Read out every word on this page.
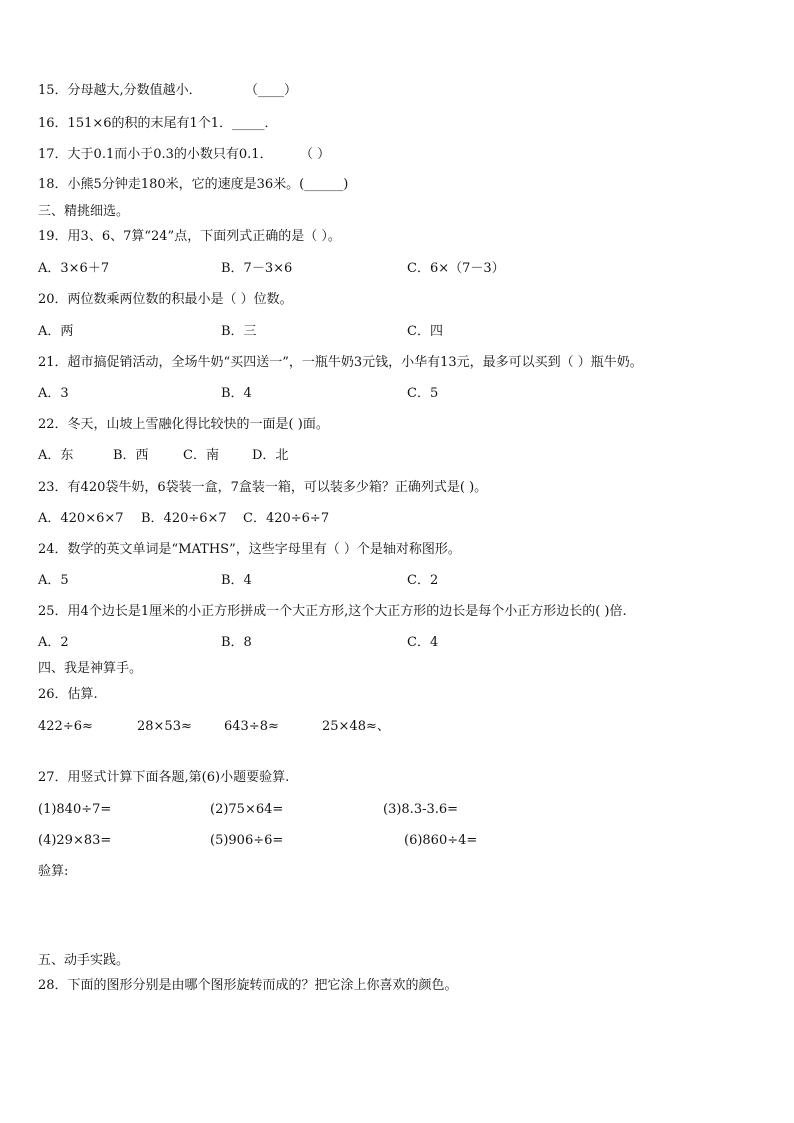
15．分母越大,分数值越小．	（____）
16．151×6的积的末尾有1个1．_____．
17．大于0.1而小于0.3的小数只有0.1． （ ）
18．小熊5分钟走180米，它的速度是36米。(______)
三、精挑细选。
19．用3、6、7算“24”点，下面列式正确的是（ ）。
A．3×6＋7	B．7－3×6	C．6×（7－3）
20．两位数乘两位数的积最小是（ ）位数。
A．两	B．三	C．四
21．超市搞促销活动，全场牛奶“买四送一”，一瓶牛奶3元钱，小华有13元，最多可以买到（ ）瓶牛奶。
A．3	B．4	C．5
22．冬天，山坡上雪融化得比较快的一面是( )面。
A．东	B．西	C．南	D．北
23．有420袋牛奶，6袋装一盒，7盒装一箱，可以装多少箱？正确列式是( )。
A．420×6×7 B．420÷6×7 C．420÷6÷7
24．数学的英文单词是“MATHS”，这些字母里有（ ）个是轴对称图形。
A．5	B．4	C．2
25．用4个边长是1厘米的小正方形拼成一个大正方形,这个大正方形的边长是每个小正方形边长的( )倍.
A．2	B．8	C．4
四、我是神算手。
26．估算.
422÷6≈	28×53≈ 643÷8≈	25×48≈、
27．用竖式计算下面各题,第(6)小题要验算.
(1)840÷7=	(2)75×64=	(3)8.3-3.6=
(4)29×83=	(5)906÷6=	(6)860÷4=
验算:
五、动手实践。
28．下面的图形分别是由哪个图形旋转而成的？把它涂上你喜欢的颜色。
